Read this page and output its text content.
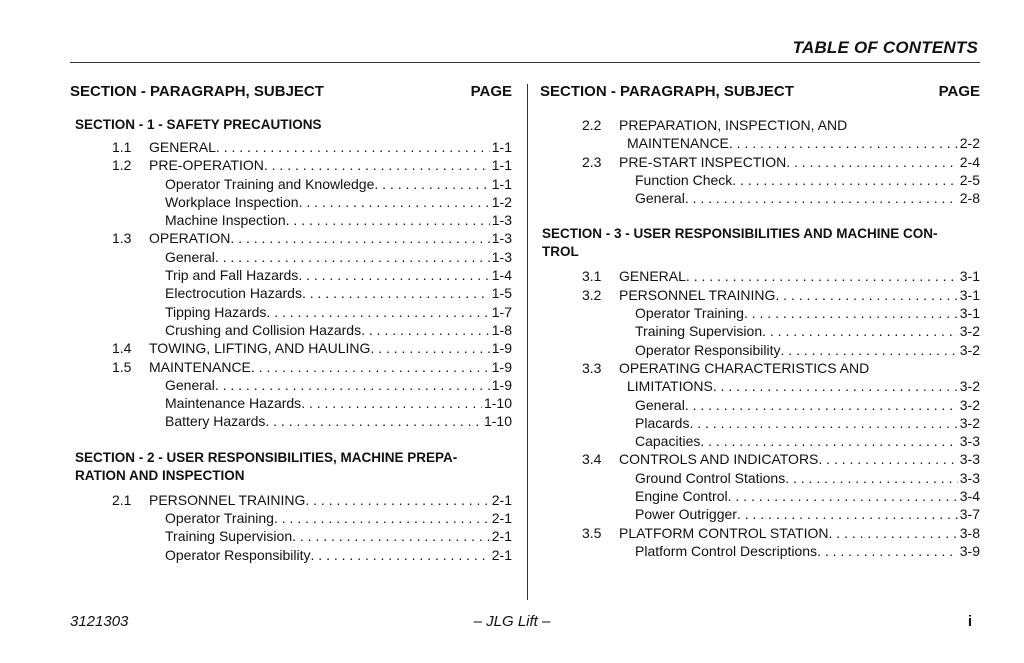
TABLE OF CONTENTS
SECTION - PARAGRAPH, SUBJECT	PAGE
SECTION - 1 - SAFETY PRECAUTIONS
1.1	GENERAL . . .	1-1
1.2	PRE-OPERATION . . .	1-1
Operator Training and Knowledge . . .	1-1
Workplace Inspection . . .	1-2
Machine Inspection . . .	1-3
1.3	OPERATION . . .	1-3
General . . .	1-3
Trip and Fall Hazards . . .	1-4
Electrocution Hazards . . .	1-5
Tipping Hazards . . .	1-7
Crushing and Collision Hazards . . .	1-8
1.4	TOWING, LIFTING, AND HAULING . . .	1-9
1.5	MAINTENANCE . . .	1-9
General . . .	1-9
Maintenance Hazards . . .	1-10
Battery Hazards . . .	1-10
SECTION - 2 - USER RESPONSIBILITIES, MACHINE PREPA-
RATION AND INSPECTION
2.1	PERSONNEL TRAINING . . .	2-1
Operator Training . . .	2-1
Training Supervision . . .	2-1
Operator Responsibility . . .	2-1
SECTION - PARAGRAPH, SUBJECT	PAGE
2.2	PREPARATION, INSPECTION, AND
MAINTENANCE . . .	2-2
2.3	PRE-START INSPECTION . . .	2-4
Function Check . . .	2-5
General . . .	2-8
SECTION - 3 - USER RESPONSIBILITIES AND MACHINE CON-
TROL
3.1	GENERAL . . .	3-1
3.2	PERSONNEL TRAINING . . .	3-1
Operator Training . . .	3-1
Training Supervision . . .	3-2
Operator Responsibility . . .	3-2
3.3	OPERATING CHARACTERISTICS AND
LIMITATIONS . . .	3-2
General . . .	3-2
Placards . . .	3-2
Capacities . . .	3-3
3.4	CONTROLS AND INDICATORS . . .	3-3
Ground Control Stations . . .	3-3
Engine Control . . .	3-4
Power Outrigger . . .	3-7
3.5	PLATFORM CONTROL STATION . . .	3-8
Platform Control Descriptions . . .	3-9
3121303	– JLG Lift –	i
